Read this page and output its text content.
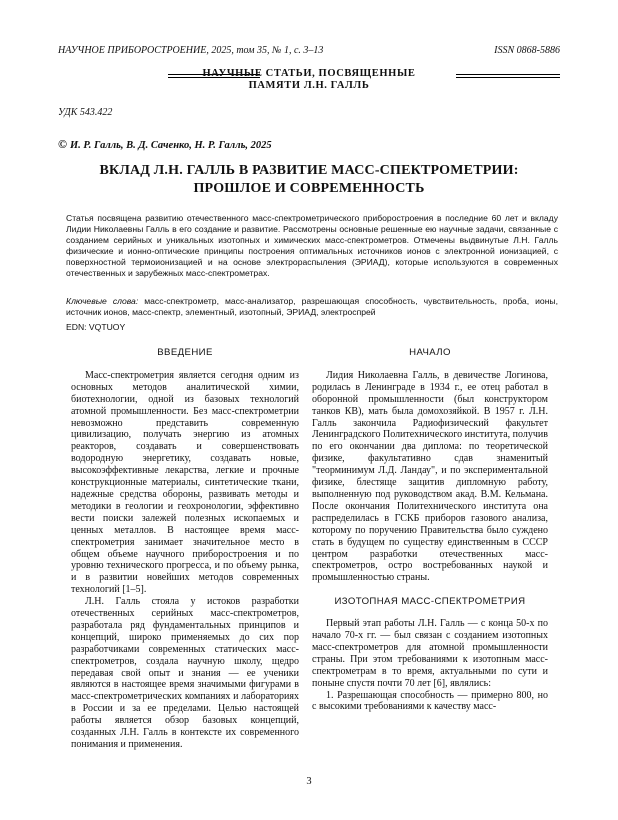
НАУЧНОЕ ПРИБОРОСТРОЕНИЕ, 2025, том 35, № 1, с. 3–13	ISSN 0868-5886
НАУЧНЫЕ СТАТЬИ, ПОСВЯЩЕННЫЕ
ПАМЯТИ Л.Н. ГАЛЛЬ
УДК 543.422
© И. Р. Галль, В. Д. Саченко, Н. Р. Галль, 2025
ВКЛАД Л.Н. ГАЛЛЬ В РАЗВИТИЕ МАСС-СПЕКТРОМЕТРИИ:
ПРОШЛОЕ И СОВРЕМЕННОСТЬ
Статья посвящена развитию отечественного масс-спектрометрического приборостроения в последние 60 лет и вкладу Лидии Николаевны Галль в его создание и развитие. Рассмотрены основные решенные ею научные задачи, связанные с созданием серийных и уникальных изотопных и химических масс-спектрометров. Отмечены выдвинутые Л.Н. Галль физические и ионно-оптические принципы построения оптимальных источников ионов с электронной ионизацией, с поверхностной термоионизацией и на основе электрораспыления (ЭРИАД), которые используются в современных отечественных и зарубежных масс-спектрометрах.
Ключевые слова: масс-спектрометр, масс-анализатор, разрешающая способность, чувствительность, проба, ионы, источник ионов, масс-спектр, элементный, изотопный, ЭРИАД, электроспрей
EDN: VQTUOY
ВВЕДЕНИЕ

Масс-спектрометрия является сегодня одним из основных методов аналитической химии, биотехнологии, одной из базовых технологий атомной промышленности. Без масс-спектрометрии невозможно представить современную цивилизацию, получать энергию из атомных реакторов, создавать и совершенствовать водородную энергетику, создавать новые, высокоэффективные лекарства, легкие и прочные конструкционные материалы, синтетические ткани, надежные средства обороны, развивать методы и методики в геологии и геохронологии, эффективно вести поиски залежей полезных ископаемых и ценных металлов. В настоящее время масс-спектрометрия занимает значительное место в общем объеме научного приборостроения и по уровню технического прогресса, и по объему рынка, и в развитии новейших методов современных технологий [1–5].

Л.Н. Галль стояла у истоков разработки отечественных серийных масс-спектрометров, разработала ряд фундаментальных принципов и концепций, широко применяемых до сих пор разработчиками современных статических масс-спектрометров, создала научную школу, щедро передавая свой опыт и знания — ее ученики являются в настоящее время значимыми фигурами в масс-спектрометрических компаниях и лабораториях в России и за ее пределами. Целью настоящей работы является обзор базовых концепций, созданных Л.Н. Галль в контексте их современного понимания и применения.

НАЧАЛО

Лидия Николаевна Галль, в девичестве Логинова, родилась в Ленинграде в 1934 г., ее отец работал в оборонной промышленности (был конструктором танков КВ), мать была домохозяйкой. В 1957 г. Л.Н. Галль закончила Радиофизический факультет Ленинградского Политехнического института, получив по его окончании два диплома: по теоретической физике, факультативно сдав знаменитый "теорминимум Л.Д. Ландау", и по экспериментальной физике, блестяще защитив дипломную работу, выполненную под руководством акад. В.М. Кельмана. После окончания Политехнического института она распределилась в ГСКБ приборов газового анализа, которому по поручению Правительства было суждено стать в будущем по существу единственным в СССР центром разработки отечественных масс-спектрометров, остро востребованных наукой и промышленностью страны.

ИЗОТОПНАЯ МАСС-СПЕКТРОМЕТРИЯ

Первый этап работы Л.Н. Галль — с конца 50-х по начало 70-х гг. — был связан с созданием изотопных масс-спектрометров для атомной промышленности страны. При этом требованиями к изотопным масс-спектрометрам в то время, актуальными по сути и поныне спустя почти 70 лет [6], являлись:

1. Разрешающая способность — примерно 800, но с высокими требованиями к качеству масс-

3
